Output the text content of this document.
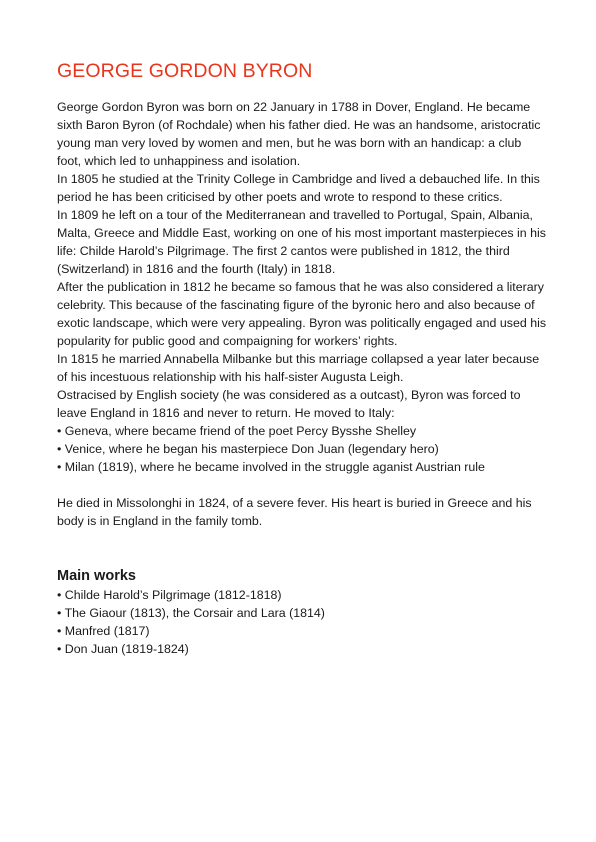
GEORGE GORDON BYRON

George Gordon Byron was born on 22 January in 1788 in Dover, England. He became sixth Baron Byron (of Rochdale) when his father died. He was an handsome, aristocratic young man very loved by women and men, but he was born with an handicap: a club foot, which led to unhappiness and isolation.

In 1805 he studied at the Trinity College in Cambridge and lived a debauched life. In this period he has been criticised by other poets and wrote to respond to these critics.

In 1809 he left on a tour of the Mediterranean and travelled to Portugal, Spain, Albania, Malta, Greece and Middle East, working on one of his most important masterpieces in his life: Childe Harold’s Pilgrimage. The first 2 cantos were published in 1812, the third (Switzerland) in 1816 and the fourth (Italy) in 1818.

After the publication in 1812 he became so famous that he was also considered a literary celebrity. This because of the fascinating figure of the byronic hero and also because of exotic landscape, which were very appealing. Byron was politically engaged and used his popularity for public good and compaigning for workers’ rights.

In 1815 he married Annabella Milbanke but this marriage collapsed a year later because of his incestuous relationship with his half-sister Augusta Leigh.

Ostracised by English society (he was considered as a outcast), Byron was forced to leave England in 1816 and never to return. He moved to Italy:

• Geneva, where became friend of the poet Percy Bysshe Shelley
• Venice, where he began his masterpiece Don Juan (legendary hero)
• Milan (1819), where he became involved in the struggle aganist Austrian rule

He died in Missolonghi in 1824, of a severe fever. His heart is buried in Greece and his body is in England in the family tomb.

Main works
• Childe Harold’s Pilgrimage (1812-1818)
• The Giaour (1813), the Corsair and Lara (1814)
• Manfred (1817)
• Don Juan (1819-1824)
